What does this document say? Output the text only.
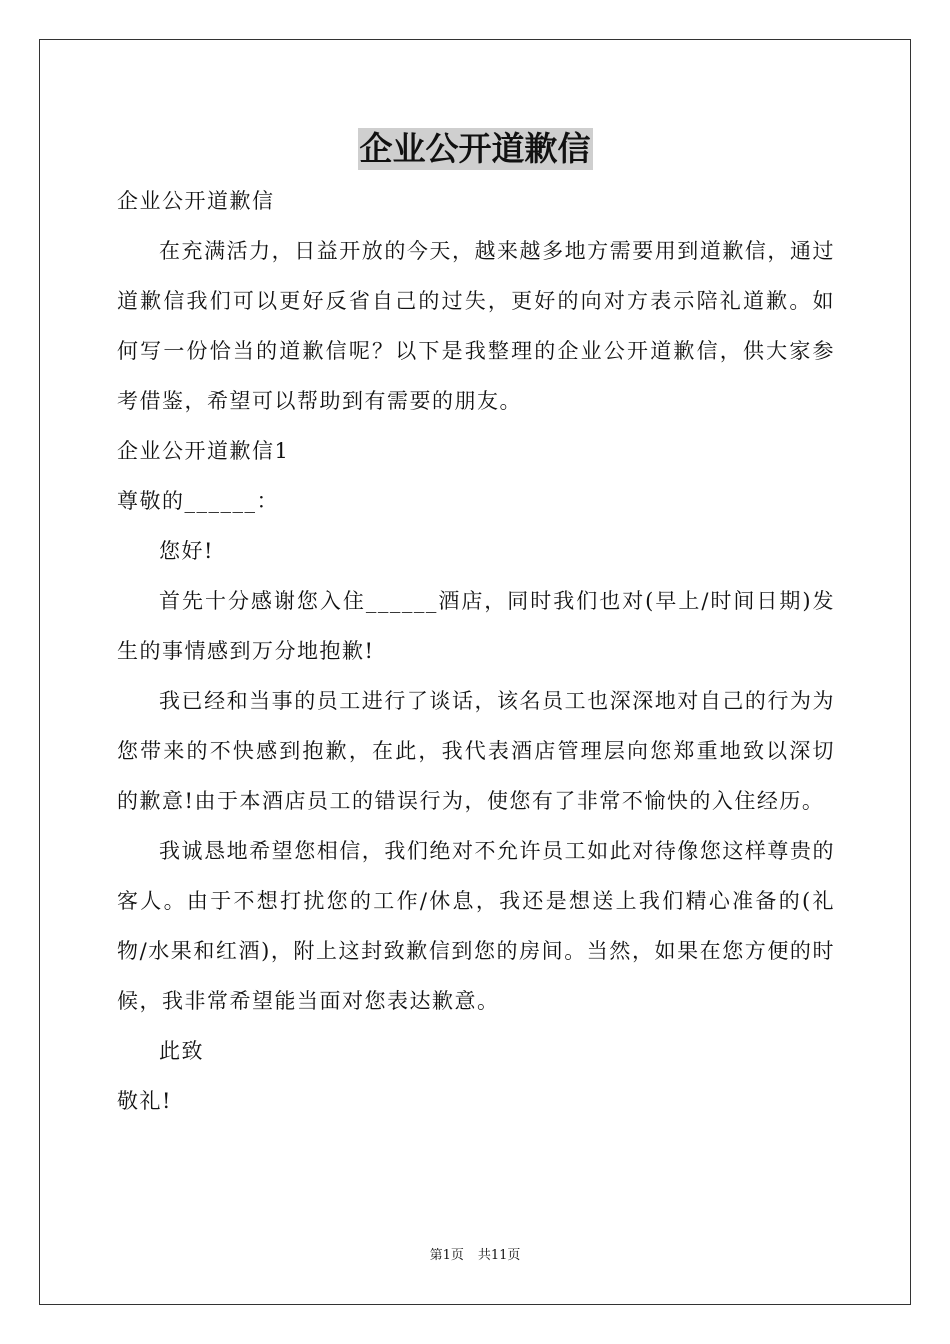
企业公开道歉信

企业公开道歉信

在充满活力，日益开放的今天，越来越多地方需要用到道歉信，通过道歉信我们可以更好反省自己的过失，更好的向对方表示陪礼道歉。如何写一份恰当的道歉信呢？以下是我整理的企业公开道歉信，供大家参考借鉴，希望可以帮助到有需要的朋友。

企业公开道歉信1

尊敬的______：

您好!

首先十分感谢您入住______酒店，同时我们也对(早上/时间日期)发生的事情感到万分地抱歉!

我已经和当事的员工进行了谈话，该名员工也深深地对自己的行为为您带来的不快感到抱歉，在此，我代表酒店管理层向您郑重地致以深切的歉意!由于本酒店员工的错误行为，使您有了非常不愉快的入住经历。

我诚恳地希望您相信，我们绝对不允许员工如此对待像您这样尊贵的客人。由于不想打扰您的工作/休息，我还是想送上我们精心准备的(礼物/水果和红酒)，附上这封致歉信到您的房间。当然，如果在您方便的时候，我非常希望能当面对您表达歉意。

此致

敬礼!

第1页 共11页
